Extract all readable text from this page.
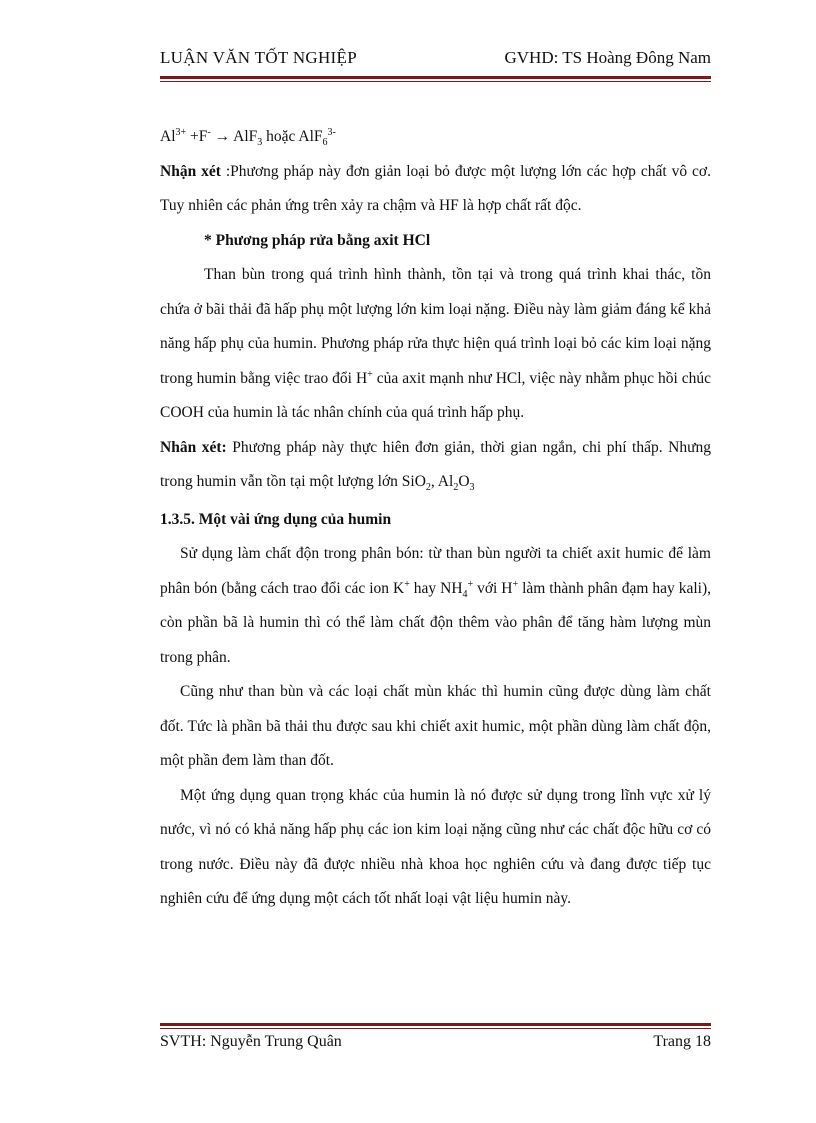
LUẬN VĂN TỐT NGHIỆP	GVHD: TS Hoàng Đông Nam

$Al^{3+} +F^- \to AlF_3$ hoặc AlF$_6^{3-}$

Nhận xét :Phương pháp này đơn giản loại bỏ được một lượng lớn các hợp chất vô cơ. Tuy nhiên các phản ứng trên xảy ra chậm và HF là hợp chất rất độc.

* Phương pháp rửa bằng axit HCl

Than bùn trong quá trình hình thành, tồn tại và trong quá trình khai thác, tồn chứa ở bãi thải đã hấp phụ một lượng lớn kim loại nặng. Điều này làm giảm đáng kể khả năng hấp phụ của humin. Phương pháp rửa thực hiện quá trình loại bỏ các kim loại nặng trong humin bằng việc trao đổi H+ của axit mạnh như HCl, việc này nhằm phục hồi chúc COOH của humin là tác nhân chính của quá trình hấp phụ.

Nhân xét: Phương pháp này thực hiên đơn giản, thời gian ngắn, chi phí thấp. Nhưng trong humin vẫn tồn tại một lượng lớn SiO$_2$, $Al_2O_3$

1.3.5. Một vài ứng dụng của humin

Sử dụng làm chất độn trong phân bón: từ than bùn người ta chiết axit humic để làm phân bón (bằng cách trao đổi các ion K+ hay $NH_4^+$ với H+ làm thành phân đạm hay kali), còn phần bã là humin thì có thể làm chất độn thêm vào phân để tăng hàm lượng mùn trong phân.

Cũng như than bùn và các loại chất mùn khác thì humin cũng được dùng làm chất đốt. Tức là phần bã thải thu được sau khi chiết axit humic, một phần dùng làm chất độn, một phần đem làm than đốt.

Một ứng dụng quan trọng khác của humin là nó được sử dụng trong lĩnh vực xử lý nước, vì nó có khả năng hấp phụ các ion kim loại nặng cũng như các chất độc hữu cơ có trong nước. Điều này đã được nhiều nhà khoa học nghiên cứu và đang được tiếp tục nghiên cứu để ứng dụng một cách tốt nhất loại vật liệu humin này.

SVTH: Nguyễn Trung Quân	Trang 18
